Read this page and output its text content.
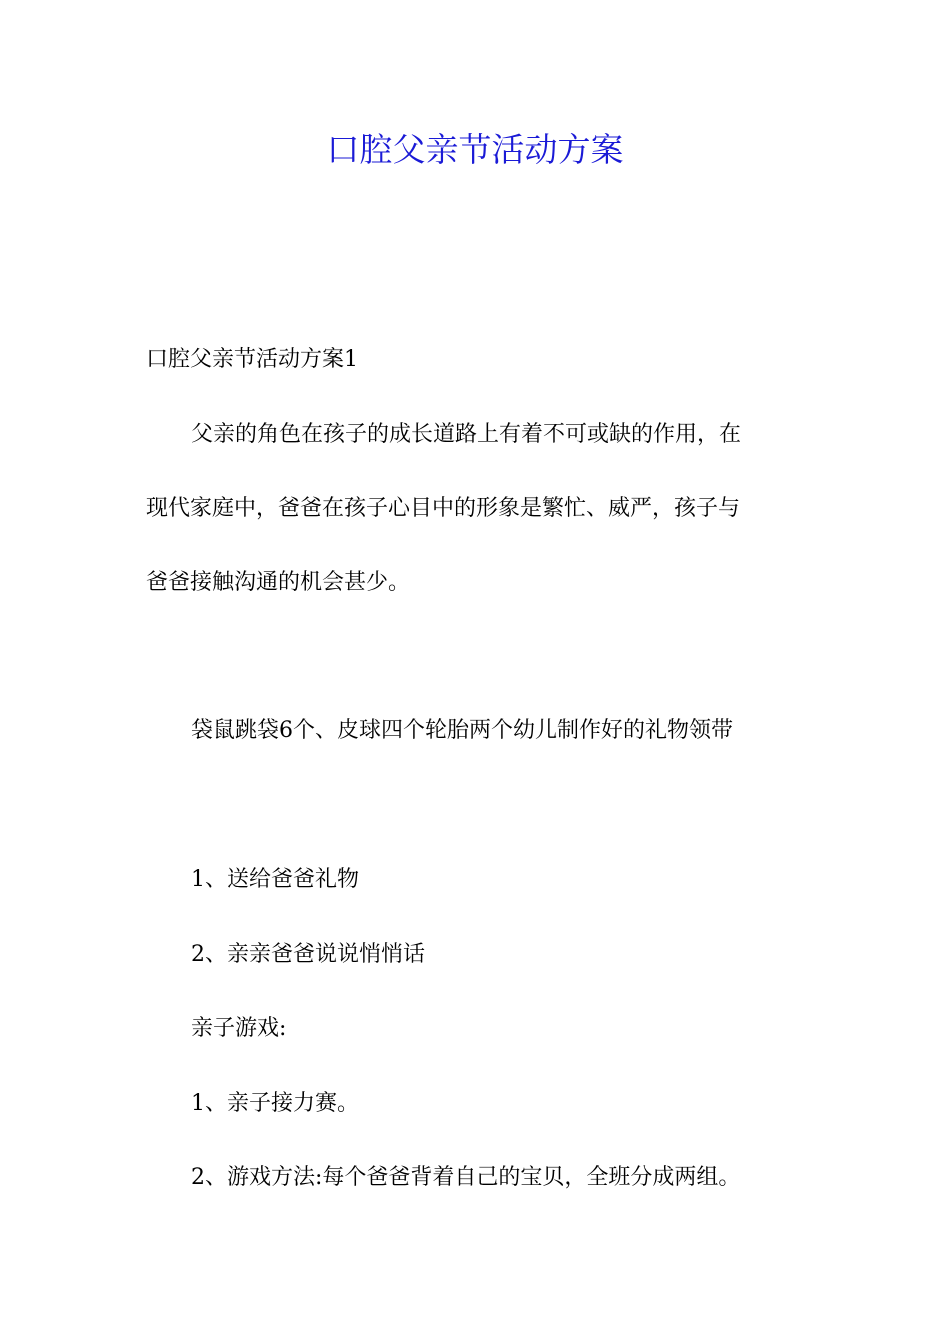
口腔父亲节活动方案

口腔父亲节活动方案1

父亲的角色在孩子的成长道路上有着不可或缺的作用，在

现代家庭中，爸爸在孩子心目中的形象是繁忙、威严，孩子与

爸爸接触沟通的机会甚少。

袋鼠跳袋6个、皮球四个轮胎两个幼儿制作好的礼物领带

1、送给爸爸礼物

2、亲亲爸爸说说悄悄话

亲子游戏:

1、亲子接力赛。

2、游戏方法:每个爸爸背着自己的宝贝，全班分成两组。
